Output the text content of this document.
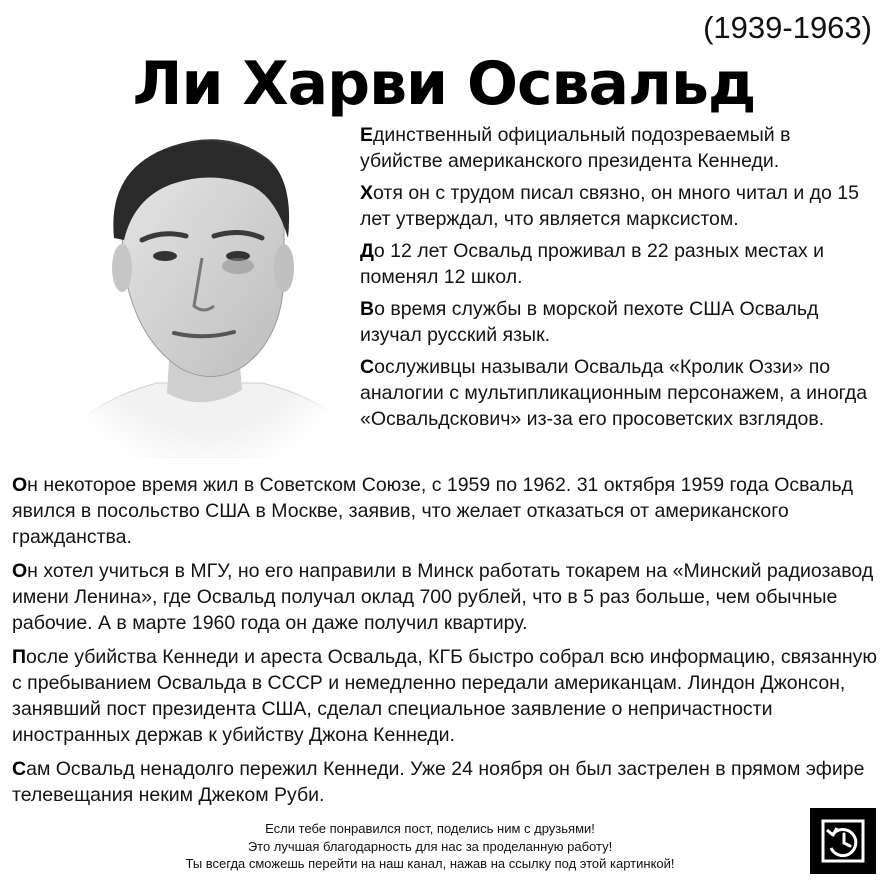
(1939-1963)
Ли Харви Освальд

Единственный официальный подозреваемый в убийстве американского президента Кеннеди.

Хотя он с трудом писал связно, он много читал и до 15 лет утверждал, что является марксистом.

До 12 лет Освальд проживал в 22 разных местах и поменял 12 школ.

Во время службы в морской пехоте США Освальд изучал русский язык.

Сослуживцы называли Освальда «Кролик Оззи» по аналогии с мультипликационным персонажем, а иногда «Освальдскович» из-за его просоветских взглядов.

Он некоторое время жил в Советском Союзе, с 1959 по 1962. 31 октября 1959 года Освальд явился в посольство США в Москве, заявив, что желает отказаться от американского гражданства.

Он хотел учиться в МГУ, но его направили в Минск работать токарем на «Минский радиозавод имени Ленина», где Освальд получал оклад 700 рублей, что в 5 раз больше, чем обычные рабочие. А в марте 1960 года он даже получил квартиру.

После убийства Кеннеди и ареста Освальда, КГБ быстро собрал всю информацию, связанную с пребыванием Освальда в СССР и немедленно передали американцам. Линдон Джонсон, занявший пост президента США, сделал специальное заявление о непричастности иностранных держав к убийству Джона Кеннеди.

Сам Освальд ненадолго пережил Кеннеди. Уже 24 ноября он был застрелен в прямом эфире телевещания неким Джеком Руби.

Если тебе понравился пост, поделись ним с друзьями!
Это лучшая благодарность для нас за проделанную работу!
Ты всегда сможешь перейти на наш канал, нажав на ссылку под этой картинкой!
